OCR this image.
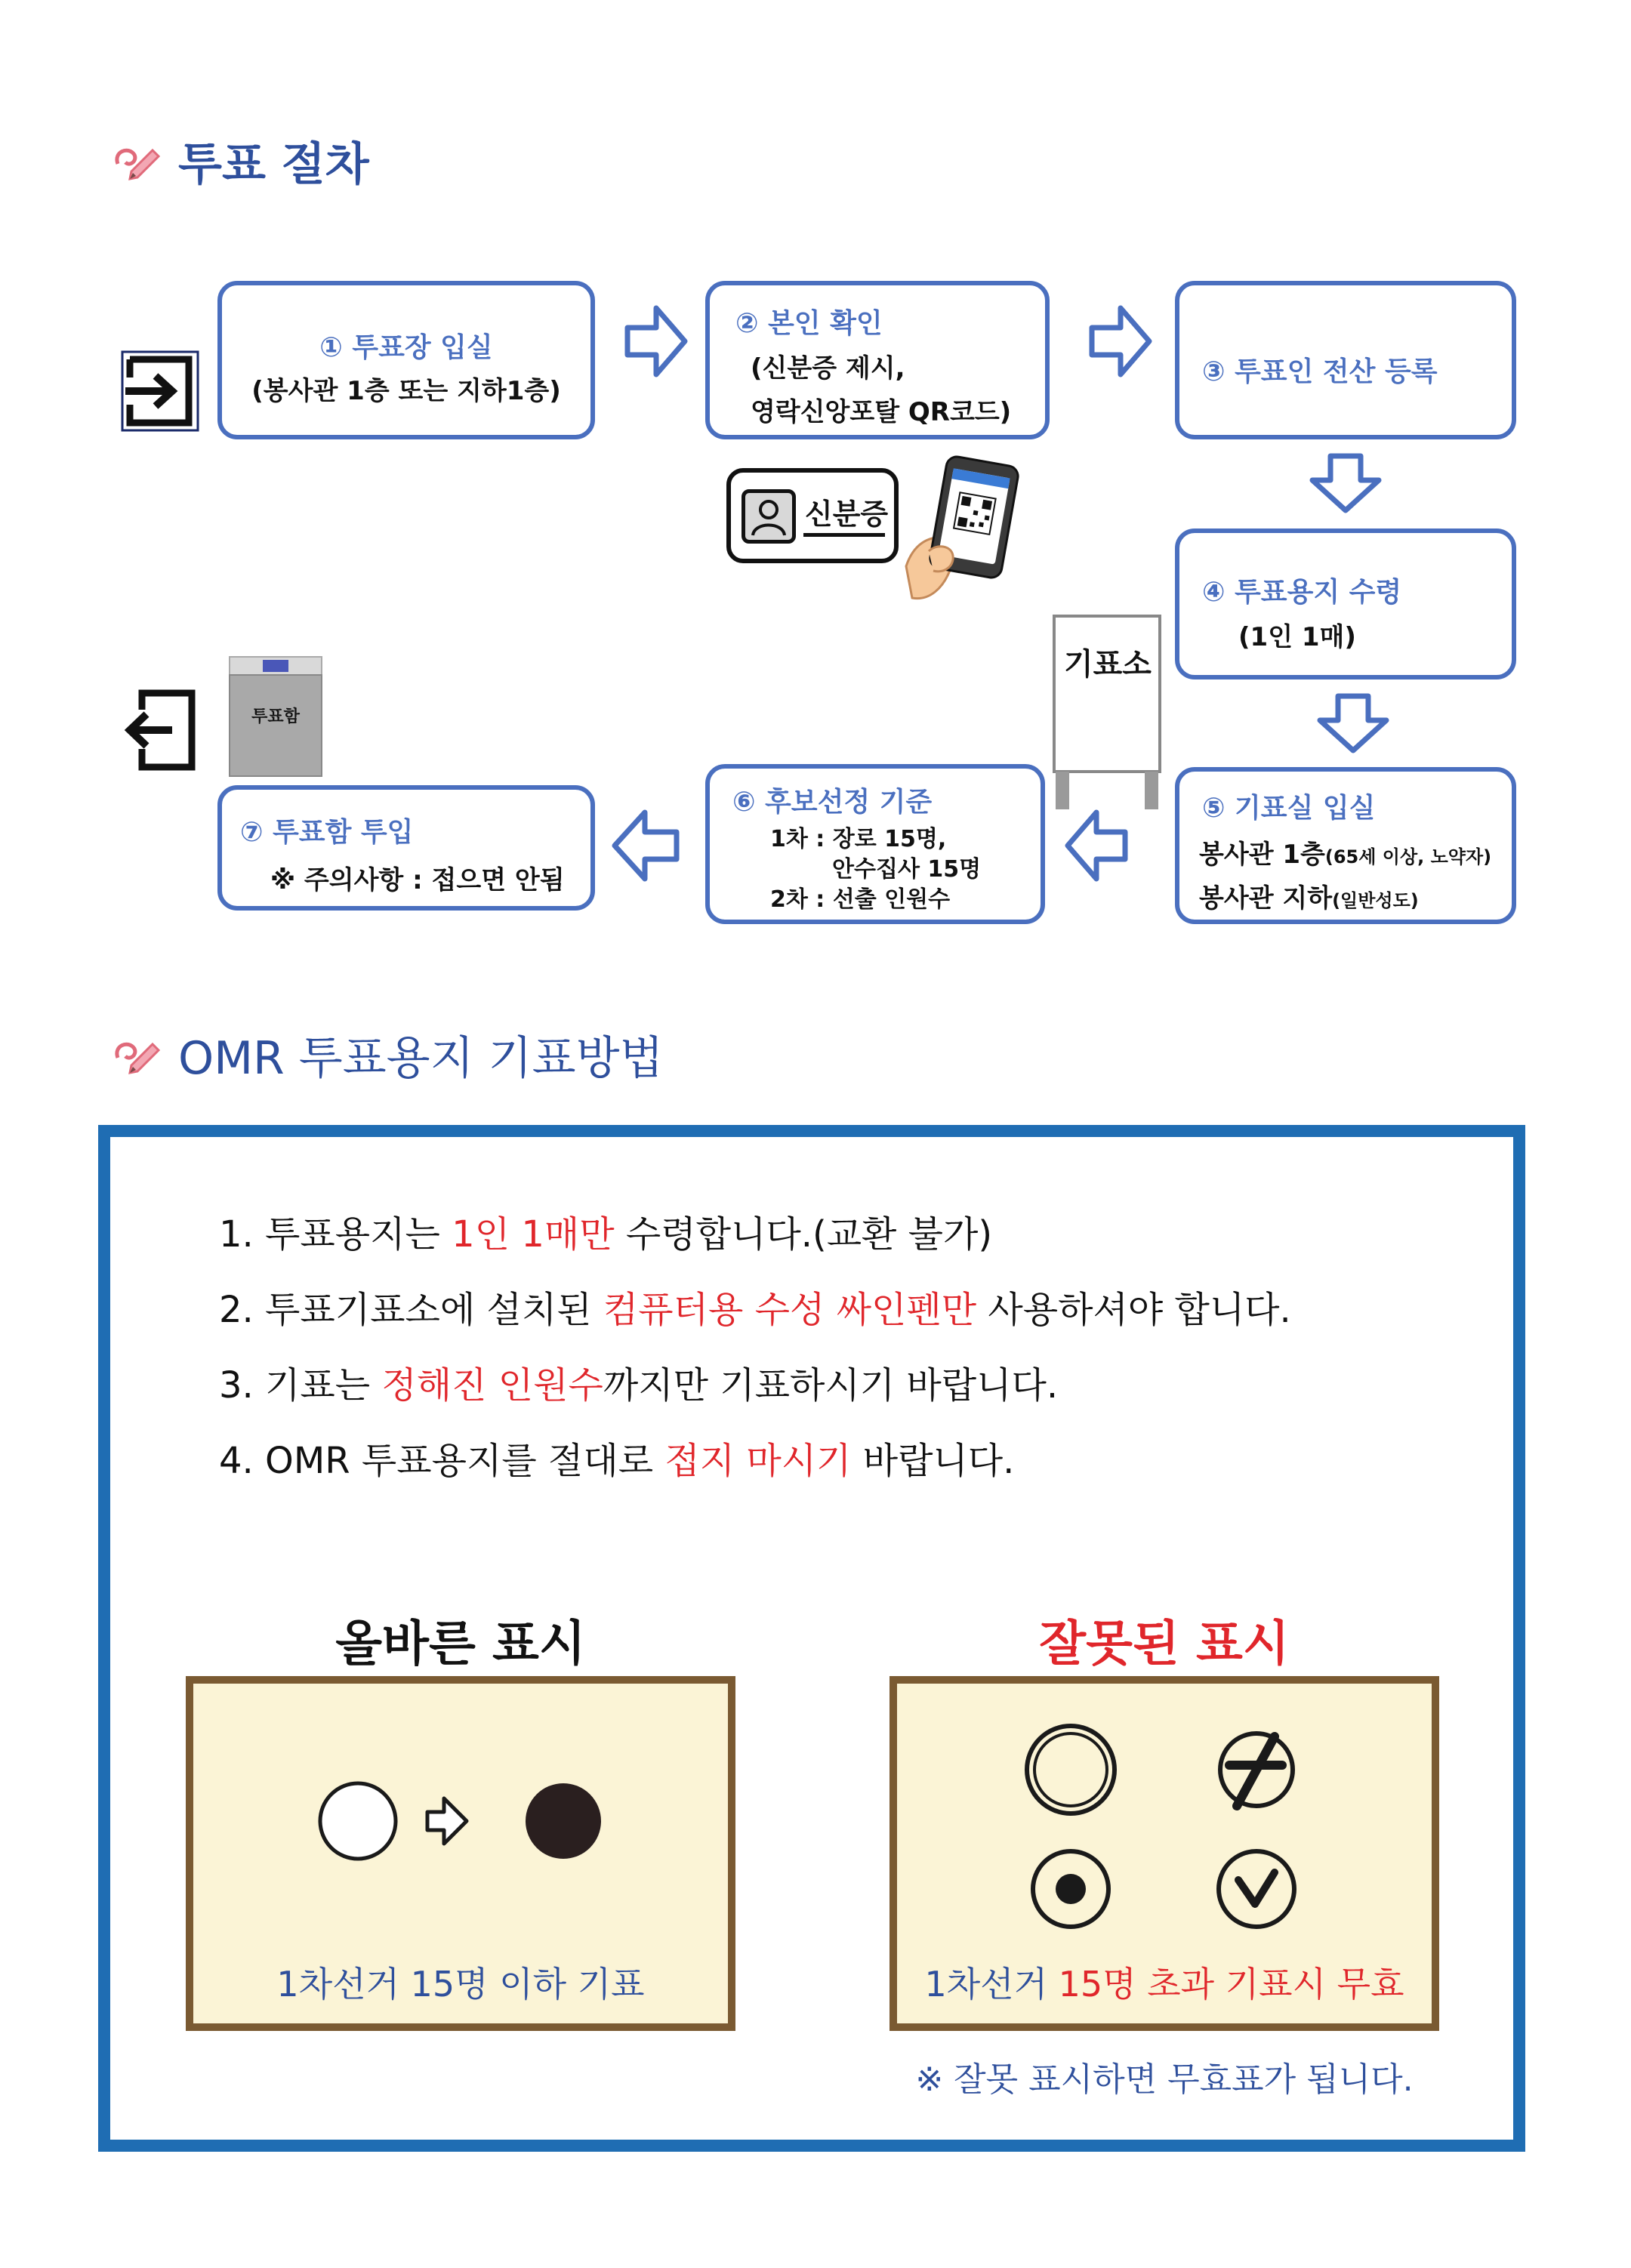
투표 절차
① 투표장 입실
(봉사관 1층 또는 지하1층)
② 본인 확인
(신분증 제시,
영락신앙포탈 QR코드)
③ 투표인 전산 등록
신분증
④ 투표용지 수령
(1인 1매)
기표소
⑤ 기표실 입실
봉사관 1층(65세 이상, 노약자)
봉사관 지하(일반성도)
⑥ 후보선정 기준
1차 : 장로 15명,
안수집사 15명
2차 : 선출 인원수
투표함
⑦ 투표함 투입
※ 주의사항 : 접으면 안됨
OMR 투표용지 기표방법
1. 투표용지는 1인 1매만 수령합니다.(교환 불가)
2. 투표기표소에 설치된 컴퓨터용 수성 싸인펜만 사용하셔야 합니다.
3. 기표는 정해진 인원수까지만 기표하시기 바랍니다.
4. OMR 투표용지를 절대로 접지 마시기 바랍니다.
올바른 표시
1차선거 15명 이하 기표
잘못된 표시
1차선거 15명 초과 기표시 무효
※ 잘못 표시하면 무효표가 됩니다.
